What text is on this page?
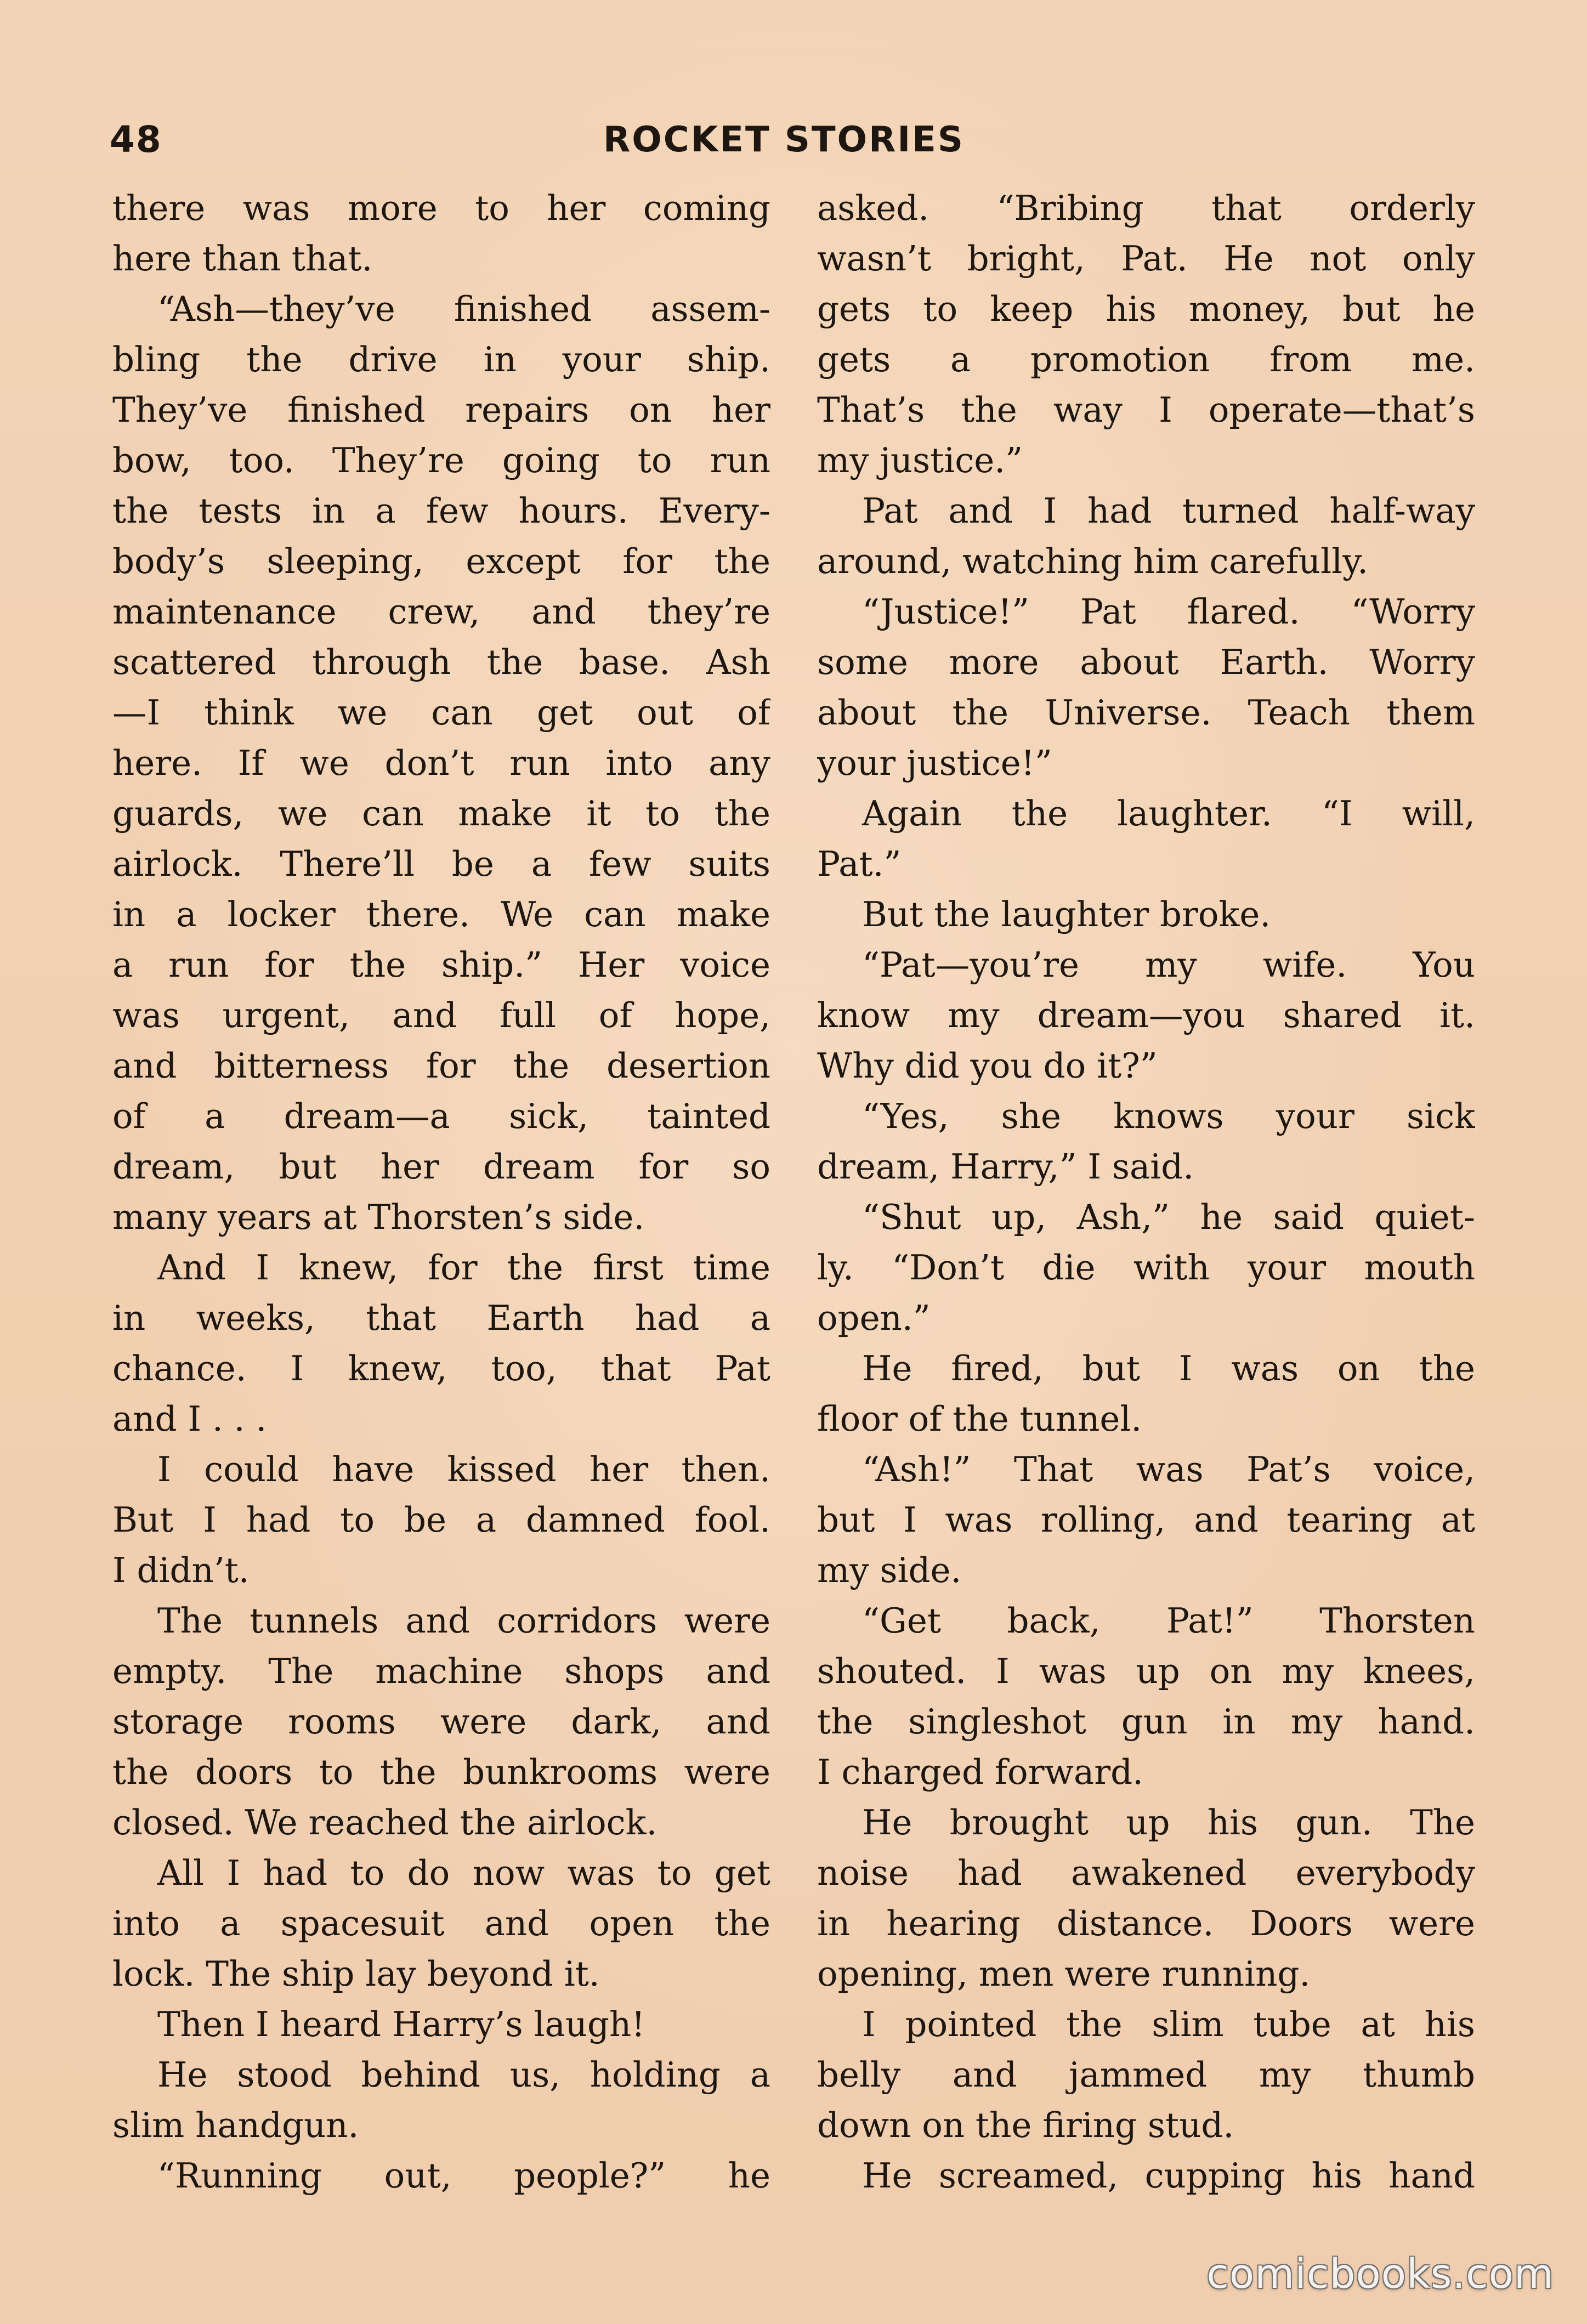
48	ROCKET STORIES
there was more to her coming
here than that.
“Ash—they’ve finished assem-
bling the drive in your ship.
They’ve finished repairs on her
bow, too. They’re going to run
the tests in a few hours. Every-
body’s sleeping, except for the
maintenance crew, and they’re
scattered through the base. Ash
—I think we can get out of
here. If we don’t run into any
guards, we can make it to the
airlock. There’ll be a few suits
in a locker there. We can make
a run for the ship.” Her voice
was urgent, and full of hope,
and bitterness for the desertion
of a dream—a sick, tainted
dream, but her dream for so
many years at Thorsten’s side.
And I knew, for the first time
in weeks, that Earth had a
chance. I knew, too, that Pat
and I . . .
I could have kissed her then.
But I had to be a damned fool.
I didn’t.
The tunnels and corridors were
empty. The machine shops and
storage rooms were dark, and
the doors to the bunkrooms were
closed. We reached the airlock.
All I had to do now was to get
into a spacesuit and open the
lock. The ship lay beyond it.
Then I heard Harry’s laugh!
He stood behind us, holding a
slim handgun.
“Running out, people?” he
asked. “Bribing that orderly
wasn’t bright, Pat. He not only
gets to keep his money, but he
gets a promotion from me.
That’s the way I operate—that’s
my justice.”
Pat and I had turned half-way
around, watching him carefully.
“Justice!” Pat flared. “Worry
some more about Earth. Worry
about the Universe. Teach them
your justice!”
Again the laughter. “I will,
Pat.”
But the laughter broke.
“Pat—you’re my wife. You
know my dream—you shared it.
Why did you do it?”
“Yes, she knows your sick
dream, Harry,” I said.
“Shut up, Ash,” he said quiet-
ly. “Don’t die with your mouth
open.”
He fired, but I was on the
floor of the tunnel.
“Ash!” That was Pat’s voice,
but I was rolling, and tearing at
my side.
“Get back, Pat!” Thorsten
shouted. I was up on my knees,
the singleshot gun in my hand.
I charged forward.
He brought up his gun. The
noise had awakened everybody
in hearing distance. Doors were
opening, men were running.
I pointed the slim tube at his
belly and jammed my thumb
down on the firing stud.
He screamed, cupping his hand
comicbooks.com
